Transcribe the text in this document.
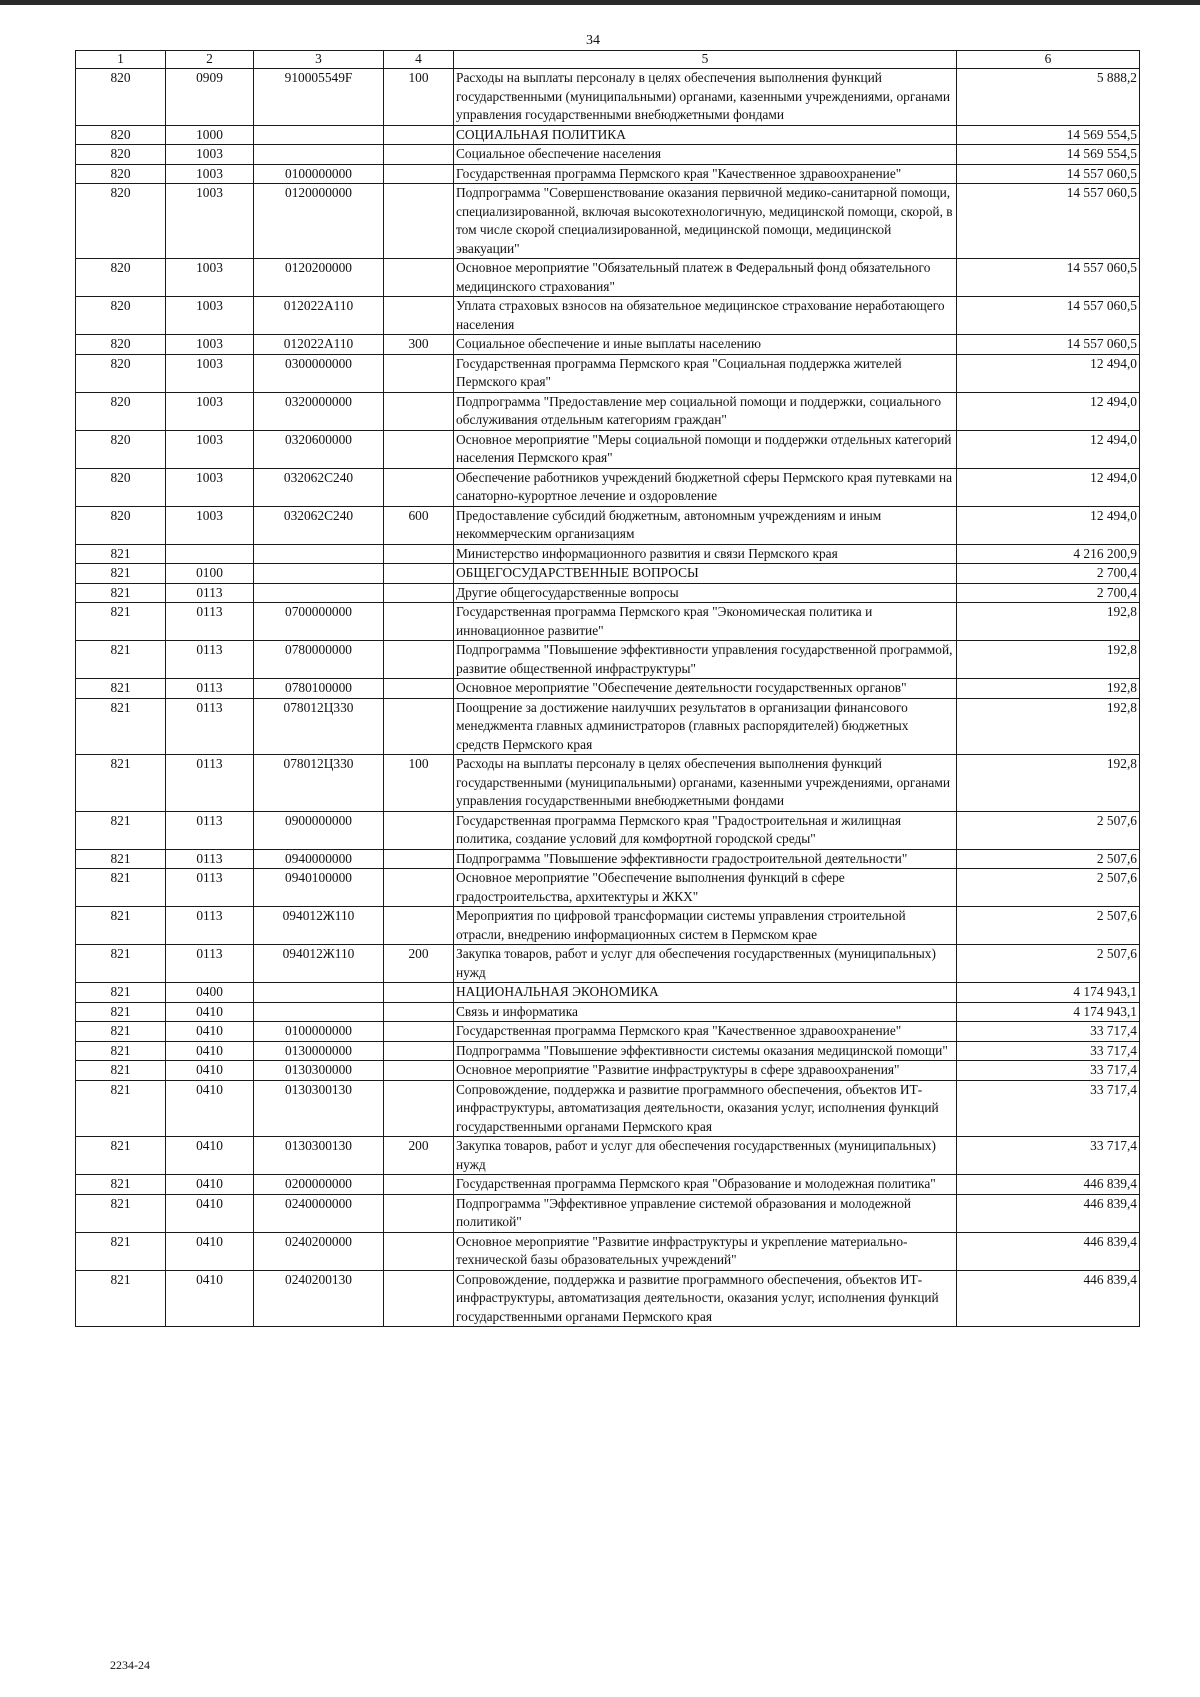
34
1	2	3	4	5	6
820	0909	910005549F	100	Расходы на выплаты персоналу в целях обеспечения выполнения функций государственными (муниципальными) органами, казенными учреждениями, органами управления государственными внебюджетными фондами	5 888,2
820	1000			СОЦИАЛЬНАЯ ПОЛИТИКА	14 569 554,5
820	1003			Социальное обеспечение населения	14 569 554,5
820	1003	0100000000		Государственная программа Пермского края "Качественное здравоохранение"	14 557 060,5
820	1003	0120000000		Подпрограмма "Совершенствование оказания первичной медико-санитарной помощи, специализированной, включая высокотехнологичную, медицинской помощи, скорой, в том числе скорой специализированной, медицинской помощи, медицинской эвакуации"	14 557 060,5
820	1003	0120200000		Основное мероприятие "Обязательный платеж в Федеральный фонд обязательного медицинского страхования"	14 557 060,5
820	1003	012022А110		Уплата страховых взносов на обязательное медицинское страхование неработающего населения	14 557 060,5
820	1003	012022А110	300	Социальное обеспечение и иные выплаты населению	14 557 060,5
820	1003	0300000000		Государственная программа Пермского края "Социальная поддержка жителей Пермского края"	12 494,0
820	1003	0320000000		Подпрограмма "Предоставление мер социальной помощи и поддержки, социального обслуживания отдельным категориям граждан"	12 494,0
820	1003	0320600000		Основное мероприятие "Меры социальной помощи и поддержки отдельных категорий населения Пермского края"	12 494,0
820	1003	032062С240		Обеспечение работников учреждений бюджетной сферы Пермского края путевками на санаторно-курортное лечение и оздоровление	12 494,0
820	1003	032062С240	600	Предоставление субсидий бюджетным, автономным учреждениям и иным некоммерческим организациям	12 494,0
821				Министерство информационного развития и связи Пермского края	4 216 200,9
821	0100			ОБЩЕГОСУДАРСТВЕННЫЕ ВОПРОСЫ	2 700,4
821	0113			Другие общегосударственные вопросы	2 700,4
821	0113	0700000000		Государственная программа Пермского края "Экономическая политика и инновационное развитие"	192,8
821	0113	0780000000		Подпрограмма "Повышение эффективности управления государственной программой, развитие общественной инфраструктуры"	192,8
821	0113	0780100000		Основное мероприятие "Обеспечение деятельности государственных органов"	192,8
821	0113	078012Ц330		Поощрение за достижение наилучших результатов в организации финансового менеджмента главных администраторов (главных распорядителей) бюджетных средств Пермского края	192,8
821	0113	078012Ц330	100	Расходы на выплаты персоналу в целях обеспечения выполнения функций государственными (муниципальными) органами, казенными учреждениями, органами управления государственными внебюджетными фондами	192,8
821	0113	0900000000		Государственная программа Пермского края "Градостроительная и жилищная политика, создание условий для комфортной городской среды"	2 507,6
821	0113	0940000000		Подпрограмма "Повышение эффективности градостроительной деятельности"	2 507,6
821	0113	0940100000		Основное мероприятие "Обеспечение выполнения функций в сфере градостроительства, архитектуры и ЖКХ"	2 507,6
821	0113	094012Ж110		Мероприятия по цифровой трансформации системы управления строительной отрасли, внедрению информационных систем в Пермском крае	2 507,6
821	0113	094012Ж110	200	Закупка товаров, работ и услуг для обеспечения государственных (муниципальных) нужд	2 507,6
821	0400			НАЦИОНАЛЬНАЯ ЭКОНОМИКА	4 174 943,1
821	0410			Связь и информатика	4 174 943,1
821	0410	0100000000		Государственная программа Пермского края "Качественное здравоохранение"	33 717,4
821	0410	0130000000		Подпрограмма "Повышение эффективности системы оказания медицинской помощи"	33 717,4
821	0410	0130300000		Основное мероприятие "Развитие инфраструктуры в сфере здравоохранения"	33 717,4
821	0410	0130300130		Сопровождение, поддержка и развитие программного обеспечения, объектов ИТ-инфраструктуры, автоматизация деятельности, оказания услуг, исполнения функций государственными органами Пермского края	33 717,4
821	0410	0130300130	200	Закупка товаров, работ и услуг для обеспечения государственных (муниципальных) нужд	33 717,4
821	0410	0200000000		Государственная программа Пермского края "Образование и молодежная политика"	446 839,4
821	0410	0240000000		Подпрограмма "Эффективное управление системой образования и молодежной политикой"	446 839,4
821	0410	0240200000		Основное мероприятие "Развитие инфраструктуры и укрепление материально-технической базы образовательных учреждений"	446 839,4
821	0410	0240200130		Сопровождение, поддержка и развитие программного обеспечения, объектов ИТ-инфраструктуры, автоматизация деятельности, оказания услуг, исполнения функций государственными органами Пермского края	446 839,4
2234-24
